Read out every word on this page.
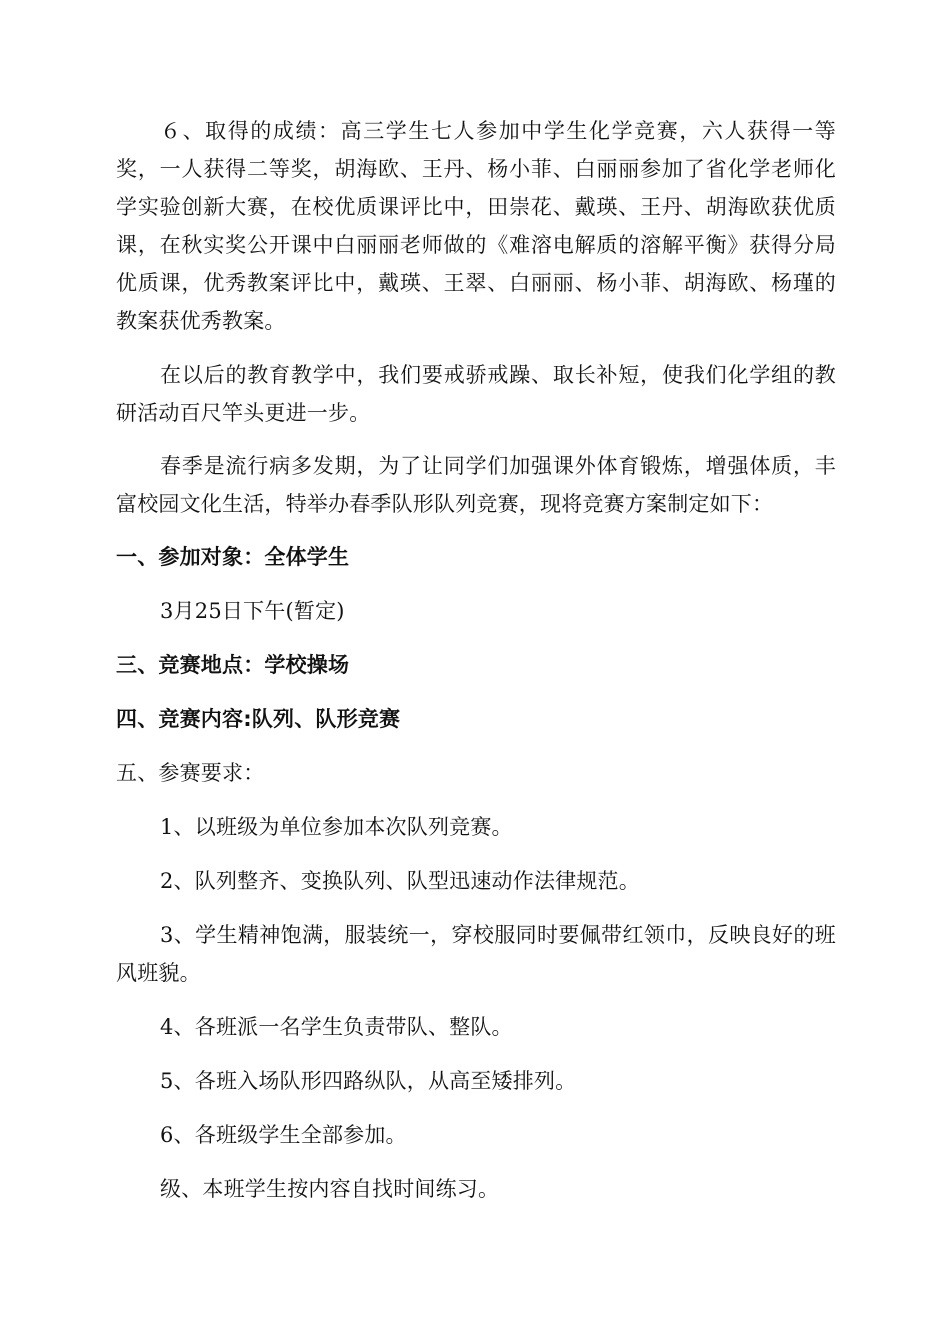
６、取得的成绩：高三学生七人参加中学生化学竞赛，六人获得一等奖，一人获得二等奖，胡海欧、王丹、杨小菲、白丽丽参加了省化学老师化学实验创新大赛，在校优质课评比中，田崇花、戴瑛、王丹、胡海欧获优质课，在秋实奖公开课中白丽丽老师做的《难溶电解质的溶解平衡》获得分局优质课，优秀教案评比中，戴瑛、王翠、白丽丽、杨小菲、胡海欧、杨瑾的教案获优秀教案。

在以后的教育教学中，我们要戒骄戒躁、取长补短，使我们化学组的教研活动百尺竿头更进一步。

春季是流行病多发期，为了让同学们加强课外体育锻炼，增强体质，丰富校园文化生活，特举办春季队形队列竞赛，现将竞赛方案制定如下：

一、参加对象：全体学生

3月25日下午(暂定)

三、竞赛地点：学校操场

四、竞赛内容:队列、队形竞赛

五、参赛要求：

1、以班级为单位参加本次队列竞赛。

2、队列整齐、变换队列、队型迅速动作法律规范。

3、学生精神饱满，服装统一，穿校服同时要佩带红领巾，反映良好的班风班貌。

4、各班派一名学生负责带队、整队。

5、各班入场队形四路纵队，从高至矮排列。

6、各班级学生全部参加。

级、本班学生按内容自找时间练习。
